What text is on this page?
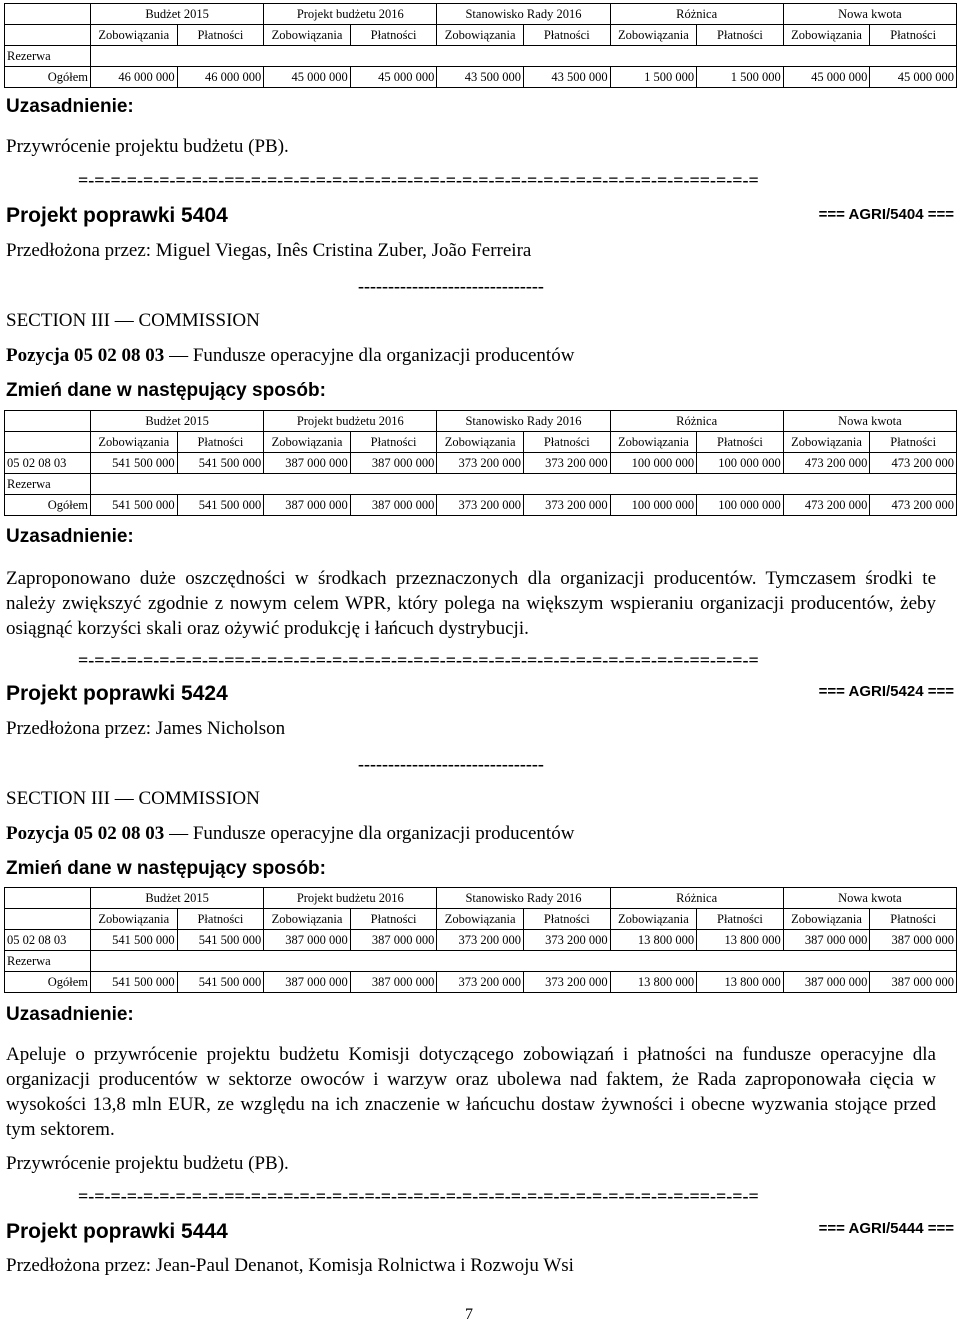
	Budżet 2015		Projekt budżetu 2016		Stanowisko Rady 2016		Różnica		Nowa kwota	
	Zobowiązania	Płatności	Zobowiązania	Płatności	Zobowiązania	Płatności	Zobowiązania	Płatności	Zobowiązania	Płatności
Rezerwa										
Ogółem	46 000 000	46 000 000	45 000 000	45 000 000	43 500 000	43 500 000	1 500 000	1 500 000	45 000 000	45 000 000
Uzasadnienie:
Przywrócenie projektu budżetu (PB).
=-=-=-=-=-=-=-=-=-==-=-=-=-=-=-=-=-=-=-=-=-=-=-=-=-=-=-=-=-=-=-=-=-=-=-=-=-==-=-=-=
Projekt poprawki 5404	=== AGRI/5404 ===
Przedłożona przez: Miguel Viegas, Inês Cristina Zuber, João Ferreira
-------------------------------
SECTION III — COMMISSION
Pozycja 05 02 08 03 — Fundusze operacyjne dla organizacji producentów
Zmień dane w następujący sposób:
	Budżet 2015		Projekt budżetu 2016		Stanowisko Rady 2016		Różnica		Nowa kwota	
	Zobowiązania	Płatności	Zobowiązania	Płatności	Zobowiązania	Płatności	Zobowiązania	Płatności	Zobowiązania	Płatności
05 02 08 03	541 500 000	541 500 000	387 000 000	387 000 000	373 200 000	373 200 000	100 000 000	100 000 000	473 200 000	473 200 000
Rezerwa										
Ogółem	541 500 000	541 500 000	387 000 000	387 000 000	373 200 000	373 200 000	100 000 000	100 000 000	473 200 000	473 200 000
Uzasadnienie:
Zaproponowano duże oszczędności w środkach przeznaczonych dla organizacji producentów. Tymczasem środki te należy zwiększyć zgodnie z nowym celem WPR, który polega na większym wspieraniu organizacji producentów, żeby osiągnąć korzyści skali oraz ożywić produkcję i łańcuch dystrybucji.
=-=-=-=-=-=-=-=-=-==-=-=-=-=-=-=-=-=-=-=-=-=-=-=-=-=-=-=-=-=-=-=-=-=-=-=-=-==-=-=-=
Projekt poprawki 5424	=== AGRI/5424 ===
Przedłożona przez: James Nicholson
-------------------------------
SECTION III — COMMISSION
Pozycja 05 02 08 03 — Fundusze operacyjne dla organizacji producentów
Zmień dane w następujący sposób:
	Budżet 2015		Projekt budżetu 2016		Stanowisko Rady 2016		Różnica		Nowa kwota	
	Zobowiązania	Płatności	Zobowiązania	Płatności	Zobowiązania	Płatności	Zobowiązania	Płatności	Zobowiązania	Płatności
05 02 08 03	541 500 000	541 500 000	387 000 000	387 000 000	373 200 000	373 200 000	13 800 000	13 800 000	387 000 000	387 000 000
Rezerwa										
Ogółem	541 500 000	541 500 000	387 000 000	387 000 000	373 200 000	373 200 000	13 800 000	13 800 000	387 000 000	387 000 000
Uzasadnienie:
Apeluje o przywrócenie projektu budżetu Komisji dotyczącego zobowiązań i płatności na fundusze operacyjne dla organizacji producentów w sektorze owoców i warzyw oraz ubolewa nad faktem, że Rada zaproponowała cięcia w wysokości 13,8 mln EUR, ze względu na ich znaczenie w łańcuchu dostaw żywności i obecne wyzwania stojące przed tym sektorem.
Przywrócenie projektu budżetu (PB).
=-=-=-=-=-=-=-=-=-==-=-=-=-=-=-=-=-=-=-=-=-=-=-=-=-=-=-=-=-=-=-=-=-=-=-=-=-==-=-=-=
Projekt poprawki 5444	=== AGRI/5444 ===
Przedłożona przez: Jean-Paul Denanot, Komisja Rolnictwa i Rozwoju Wsi
7
